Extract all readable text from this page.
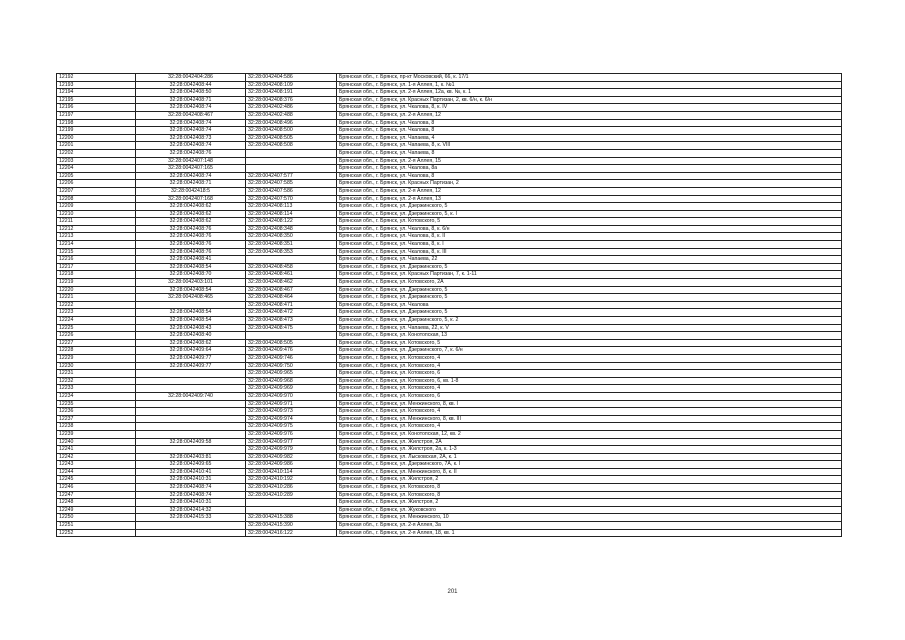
12192	32:28:0042404:286	32:28:0042404:586	Брянская обл., г. Брянск, пр-кт Московский, 66, к. 17/1
12193	32:28:0042408:44	32:28:0042408:109	Брянская обл., г. Брянск, ул. 1-я Аллея, 1, к. №1
12194	32:28:0042408:50	32:28:0042408:191	Брянская обл., г. Брянск, ул. 2-я Аллея, 12а, кв. №, к. 1
12195	32:28:0042408:71	32:28:0042408:376	Брянская обл., г. Брянск, ул. Красных Партизан, 2, кв. 6/н, к. 6/н
12196	32:28:0042408:74	32:28:0042402:486	Брянская обл., г. Брянск, ул. Чкалова, 8, к. IV
12197	32:28:0042408:467	32:28:0042402:488	Брянская обл., г. Брянск, ул. 2-я Аллея, 12
12198	32:28:0042408:74	32:28:0042408:496	Брянская обл., г. Брянск, ул. Чкалова, 8
12199	32:28:0042408:74	32:28:0042408:500	Брянская обл., г. Брянск, ул. Чкалова, 8
12200	32:28:0042408:73	32:28:0042408:505	Брянская обл., г. Брянск, ул. Чапаева, 4
12201	32:28:0042408:74	32:28:0042408:508	Брянская обл., г. Брянск, ул. Чапаева, 8, к. VIII
12202	32:28:0042408:76		Брянская обл., г. Брянск, ул. Чапаева, 8
12203	32:28:0042407:148		Брянская обл., г. Брянск, ул. 2-я Аллея, 15
12204	32:28:0042407:165		Брянская обл., г. Брянск, ул. Чкалова, 8а
12205	32:28:0042408:74	32:28:0042407:577	Брянская обл., г. Брянск, ул. Чкалова, 8
12206	32:28:0042408:71	32:28:0042407:585	Брянская обл., г. Брянск, ул. Красных Партизан, 2
12207	32:28:0042418:5	32:28:0042407:586	Брянская обл., г. Брянск, ул. 2-я Аллея, 12
12208	32:28:0042407:168	32:28:0042407:570	Брянская обл., г. Брянск, ул. 2-я Аллея, 13
12209	32:28:0042408:62	32:28:0042408:113	Брянская обл., г. Брянск, ул. Дзержинского, 5
12210	32:28:0042408:62	32:28:0042408:114	Брянская обл., г. Брянск, ул. Дзержинского, 5, к. I
12211	32:28:0042408:62	32:28:0042408:122	Брянская обл., г. Брянск, ул. Котовского, 5
12212	32:28:0042408:76	32:28:0042408:348	Брянская обл., г. Брянск, ул. Чкалова, 8, к. 6/н
12213	32:28:0042408:76	32:28:0042408:350	Брянская обл., г. Брянск, ул. Чкалова, 8, к. II
12214	32:28:0042408:76	32:28:0042408:351	Брянская обл., г. Брянск, ул. Чкалова, 8, к. I
12215	32:28:0042408:76	32:28:0042408:353	Брянская обл., г. Брянск, ул. Чкалова, 8, к. III
12216	32:28:0042408:41		Брянская обл., г. Брянск, ул. Чапаева, 22
12217	32:28:0042408:54	32:28:0042408:458	Брянская обл., г. Брянск, ул. Дзержинского, 5
12218	32:28:0042408:70	32:28:0042408:461	Брянская обл., г. Брянск, ул. Красных Партизан, 7, к. 1-11
12219	32:28:0042403:101	32:28:0042408:462	Брянская обл., г. Брянск, ул. Котовского, 2А
12220	32:28:0042408:54	32:28:0042408:467	Брянская обл., г. Брянск, ул. Дзержинского, 5
12221	32:28:0042408:465	32:28:0042408:464	Брянская обл., г. Брянск, ул. Дзержинского, 5
12222		32:28:0042408:471	Брянская обл., г. Брянск, ул. Чкалова
12223	32:28:0042408:54	32:28:0042408:472	Брянская обл., г. Брянск, ул. Дзержинского, 5
12224	32:28:0042408:54	32:28:0042408:473	Брянская обл., г. Брянск, ул. Дзержинского, 5, к. 2
12225	32:28:0042408:43	32:28:0042408:475	Брянская обл., г. Брянск, ул. Чапаева, 22, к. V
12226	32:28:0042408:40		Брянская обл., г. Брянск, ул. Конотопская, 13
12227	32:28:0042408:62	32:28:0042408:505	Брянская обл., г. Брянск, ул. Котовского, 5
12228	32:28:0042409:64	32:28:0042409:476	Брянская обл., г. Брянск, ул. Дзержинского, 7, к. 6/н
12229	32:28:0042409:77	32:28:0042409:746	Брянская обл., г. Брянск, ул. Котовского, 4
12230	32:28:0042409:77	32:28:0042409:750	Брянская обл., г. Брянск, ул. Котовского, 4
12231		32:28:0042409:965	Брянская обл., г. Брянск, ул. Котовского, 6
12232		32:28:0042409:968	Брянская обл., г. Брянск, ул. Котовского, 6, кв. 1-8
12233		32:28:0042409:969	Брянская обл., г. Брянск, ул. Котовского, 4
12234	32:28:0042409:740	32:28:0042409:970	Брянская обл., г. Брянск, ул. Котовского, 6
12235		32:28:0042409:971	Брянская обл., г. Брянск, ул. Менжинского, 8, кв. I
12236		32:28:0042409:973	Брянская обл., г. Брянск, ул. Котовского, 4
12237		32:28:0042409:974	Брянская обл., г. Брянск, ул. Менжинского, 8, кв. III
12238		32:28:0042409:975	Брянская обл., г. Брянск, ул. Котовского, 4
12239		32:28:0042409:976	Брянская обл., г. Брянск, ул. Конотопская, 12, кв. 2
12240	32:28:0042409:58	32:28:0042409:977	Брянская обл., г. Брянск, ул. Жилстроя, 2А
12241		32:28:0042409:979	Брянская обл., г. Брянск, ул. Жилстроя, 2а, к. 1-3
12242	32:28:0042403:81	32:28:0042409:982	Брянская обл., г. Брянск, ул. Лысковская, 2А, к. 1
12243	32:28:0042409:65	32:28:0042409:986	Брянская обл., г. Брянск, ул. Дзержинского, 7А, к. I
12244	32:28:0042410:41	32:28:0042410:114	Брянская обл., г. Брянск, ул. Менжинского, 8, к. II
12245	32:28:0042410:31	32:28:0042410:192	Брянская обл., г. Брянск, ул. Жилстроя, 2
12246	32:28:0042408:74	32:28:0042410:286	Брянская обл., г. Брянск, ул. Котовского, 8
12247	32:28:0042408:74	32:28:0042410:289	Брянская обл., г. Брянск, ул. Котовского, 8
12248	32:28:0042410:31		Брянская обл., г. Брянск, ул. Жилстроя, 2
12249	32:28:0042414:32		Брянская обл., г. Брянск, ул. Жуковского
12250	32:28:0042415:33	32:28:0042415:388	Брянская обл., г. Брянск, ул. Менжинского, 10
12251		32:28:0042415:390	Брянская обл., г. Брянск, ул. 2-я Аллея, 3а
12252		32:28:0042416:122	Брянская обл., г. Брянск, ул. 2-я Аллея, 18, кв. 1
201
